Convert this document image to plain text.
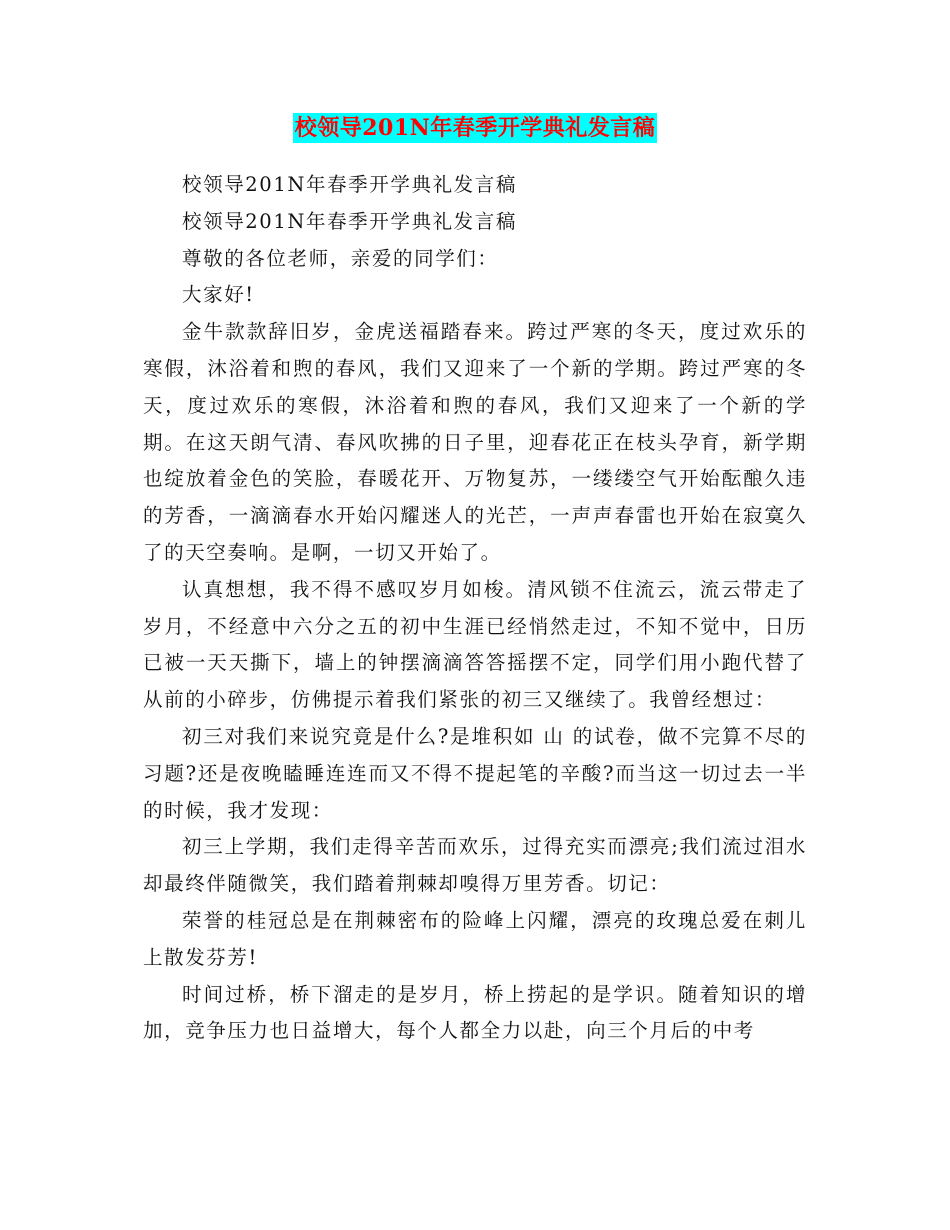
校领导201N年春季开学典礼发言稿

校领导201N年春季开学典礼发言稿

校领导201N年春季开学典礼发言稿

尊敬的各位老师，亲爱的同学们：

大家好!

金牛款款辞旧岁，金虎送福踏春来。跨过严寒的冬天，度过欢乐的寒假，沐浴着和煦的春风，我们又迎来了一个新的学期。跨过严寒的冬天，度过欢乐的寒假，沐浴着和煦的春风，我们又迎来了一个新的学期。在这天朗气清、春风吹拂的日子里，迎春花正在枝头孕育，新学期也绽放着金色的笑脸，春暖花开、万物复苏，一缕缕空气开始酝酿久违的芳香，一滴滴春水开始闪耀迷人的光芒，一声声春雷也开始在寂寞久了的天空奏响。是啊，一切又开始了。

认真想想，我不得不感叹岁月如梭。清风锁不住流云，流云带走了岁月，不经意中六分之五的初中生涯已经悄然走过，不知不觉中，日历已被一天天撕下，墙上的钟摆滴滴答答摇摆不定，同学们用小跑代替了从前的小碎步，仿佛提示着我们紧张的初三又继续了。我曾经想过：

初三对我们来说究竟是什么?是堆积如 山 的试卷，做不完算不尽的习题?还是夜晚瞌睡连连而又不得不提起笔的辛酸?而当这一切过去一半的时候，我才发现：

初三上学期，我们走得辛苦而欢乐，过得充实而漂亮;我们流过泪水却最终伴随微笑，我们踏着荆棘却嗅得万里芳香。切记：

荣誉的桂冠总是在荆棘密布的险峰上闪耀，漂亮的玫瑰总爱在刺儿上散发芬芳!

时间过桥，桥下溜走的是岁月，桥上捞起的是学识。随着知识的增加，竞争压力也日益增大，每个人都全力以赴，向三个月后的中考
